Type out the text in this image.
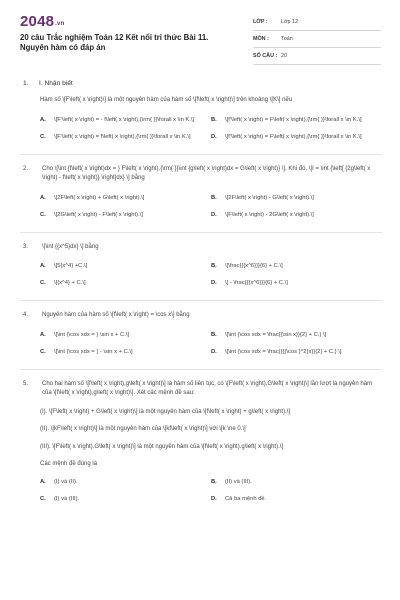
2048.vn
20 câu Trắc nghiệm Toán 12 Kết nối tri thức Bài 11. Nguyên hàm có đáp án
LỚP :	Lớp 12
MÔN :	Toán
SỐ CÂU : 20
1. I. Nhận biết
Hàm số \[F\left( x \right)\] là một nguyên hàm của hàm số \[f\left( x \right)\] trên khoảng \[K\] nếu
A.	\[F'\left( x \right) = - f\left( x \right),{\rm{ }}\forall x \in K.\]	B.	\[f'\left( x \right) = F\left( x \right),{\rm{ }}\forall x \in K.\]
C.	\[F'\left( x \right) = f\left( x \right),{\rm{ }}\forall x \in K.\]	D.	\[f'\left( x \right) = F\left( x \right),{\rm{ }}\forall x \in K.\]
2.	Cho \[\int {f\left( x \right)dx = } F\left( x \right),{\rm{ }}\int {g\left( x \right)dx = G\left( x \right)} \]. Khi đó, \[I = \int {\left[ {2g\left( x \right) - f\left( x \right)} \right]dx} \] bằng
A.	\[2F\left( x \right) + G\left( x \right).\]	B.	\[2F\left( x \right) - G\left( x \right).\]
C.	\[2G\left( x \right) - F\left( x \right).\]	D.	\[F\left( x \right) - 2G\left( x \right).\]
3.	\[\int {{x^5}dx} \] bằng
A.	\[5{x^4} +C.\]	B.	\[\frac{{{x^6}}}{6} + C.\]
C.	\[{x^4} + C.\]	D.	\[ - \frac{{{x^6}}}{6} + C.\]
4.	Nguyên hàm của hàm số \[f\left( x \right) = \cos x\] bằng
A.	\[\int {\cos xdx = } \sin x + C.\]	B.	\[\int {\cos xdx = \frac{{\sin x}}{2} + C.} \]
C.	\[\int {\cos xdx = } - \sin x + C.\]	D.	\[\int {\cos xdx = \frac{{{{\cos }^2}x}}{2} + C.} \]
5.	Cho hai hàm số \[f\left( x \right),g\left( x \right)\] là hàm số liên tục, có \[F\left( x \right),G\left( x \right)\] lần lượt là nguyên hàm của \[f\left( x \right),g\left( x \right)\]. Xét các mệnh đề sau:
(I). \[F\left( x \right) + G\left( x \right)\] là một nguyên hàm của \[f\left( x \right) + g\left( x \right).\]
(II). \[kF\left( x \right)\] là một nguyên hàm của \[kf\left( x \right)\] với \[k \ne 0.\]
(III). \[F\left( x \right).G\left( x \right)\] là một nguyên hàm của \[f\left( x \right).g\left( x \right).\]
Các mệnh đề đúng là
A.	(I) và (II).	B.	(II) và (III).
C.	(I) và (III).	D.	Cả ba mệnh đề.
